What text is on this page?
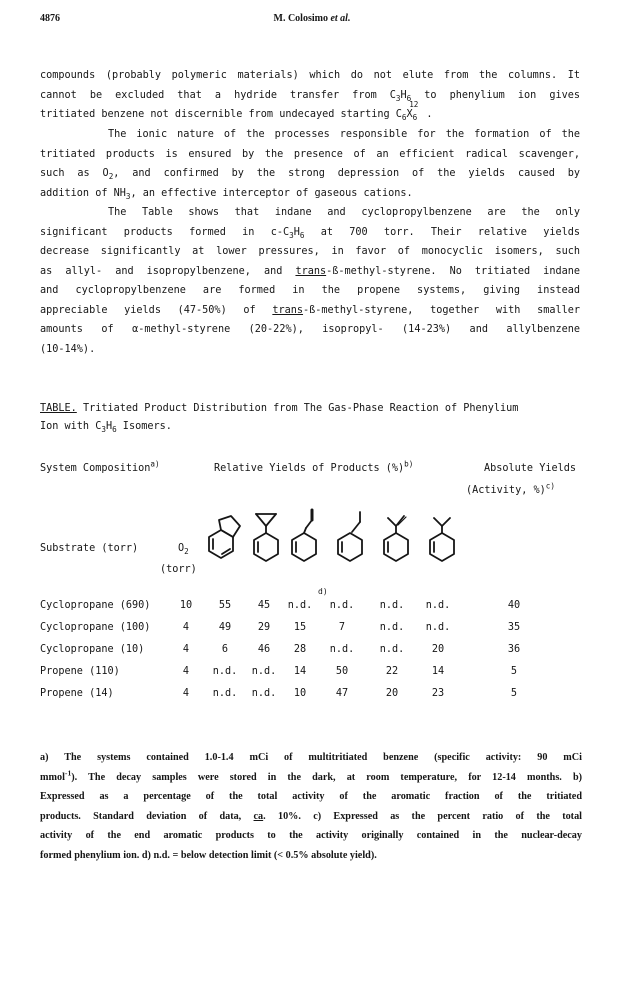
4876	M. Colosimo et al.
compounds (probably polymeric materials) which do not elute from the columns. It
cannot be excluded that a hydride transfer from $C_3H_6$ to phenylium ion gives
tritiated benzene not discernible from undecayed starting $C_6X_6^{12}$.
The ionic nature of the processes responsible for the formation of the
tritiated products is ensured by the presence of an efficient radical scavenger,
such as $O_2$, and confirmed by the strong depression of the yields caused by
addition of $NH_3$, an effective interceptor of gaseous cations.
The Table shows that indane and cyclopropylbenzene are the only
significant products formed in $c-C_3H_6$ at 700 torr. Their relative yields
decrease significantly at lower pressures, in favor of monocyclic isomers, such
as allyl- and isopropylbenzene, and trans-ß-methyl-styrene. No tritiated indane
and cyclopropylbenzene are formed in the propene systems, giving instead
appreciable yields (47-50%) of trans-ß-methyl-styrene, together with smaller
amounts of α-methyl-styrene (20-22%), isopropyl- (14-23%) and allylbenzene
(10-14%).
TABLE. Tritiated Product Distribution from The Gas-Phase Reaction of Phenylium
Ion with $C_3H_6$ Isomers.
System Composition$^{a)}$	Relative Yields of Products (%)$^{b)}$	Absolute Yields
(Activity, %)$^{c)}$
Substrate (torr)	$O_2$
(torr)
Cyclopropane (690)	10	55	45	n.d.	n.d.	n.d.	n.d.	40
d)
Cyclopropane (100)	4	49	29	15	7	n.d.	n.d.	35
Cyclopropane (10)	4	6	46	28	n.d.	n.d.	20	36
Propene (110)	4	n.d.	n.d.	14	50	22	14	5
Propene (14)	4	n.d.	n.d.	10	47	20	23	5
a) The systems contained 1.0-1.4 mCi of multitritiated benzene (specific activity: 90 mCi
mmol$^{-1}$). The decay samples were stored in the dark, at room temperature, for 12-14 months. b)
Expressed as a percentage of the total activity of the aromatic fraction of the tritiated
products. Standard deviation of data, ca. 10%. c) Expressed as the percent ratio of the total
activity of the end aromatic products to the activity originally contained in the nuclear-decay
formed phenylium ion. d) n.d. = below detection limit (< 0.5% absolute yield).
